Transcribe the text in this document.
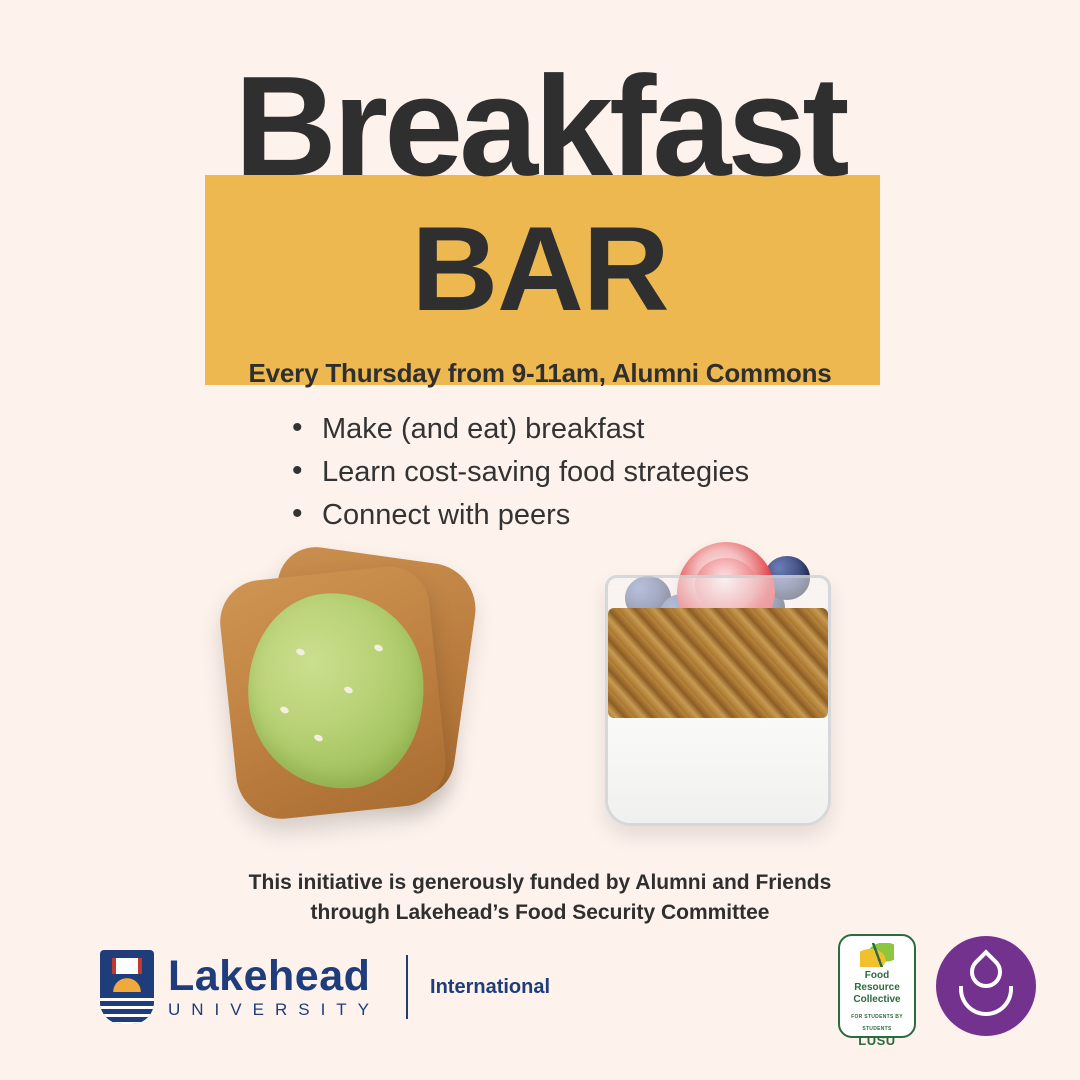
Breakfast
BAR
Every Thursday from 9-11am, Alumni Commons
• Make (and eat) breakfast
• Learn cost-saving food strategies
• Connect with peers
This initiative is generously funded by Alumni and Friends
through Lakehead’s Food Security Committee
Lakehead
UNIVERSITY
International	Food
Resource
Collective
FOR STUDENTS BY STUDENTS
LUSU
